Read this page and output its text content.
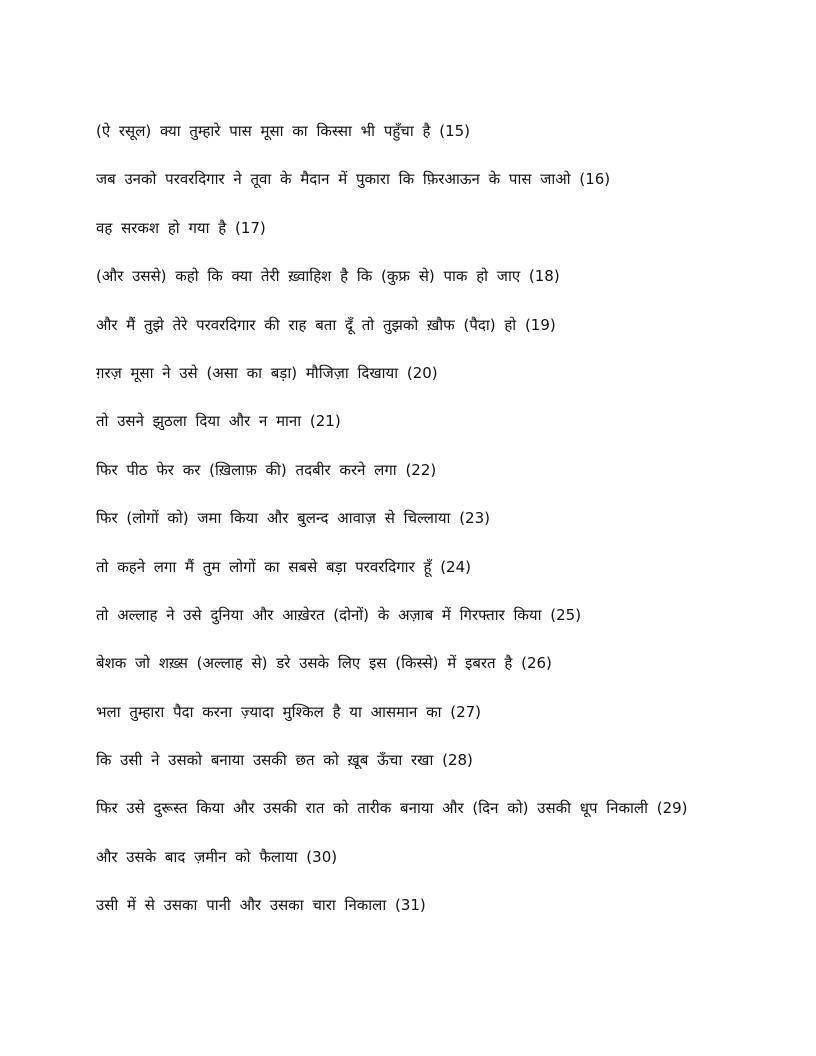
(ऐ रसूल) क्या तुम्हारे पास मूसा का किस्सा भी पहुँचा है (15)
जब उनको परवरदिगार ने तूवा के मैदान में पुकारा कि फ़िरआऊन के पास जाओ (16)
वह सरकश हो गया है (17)
(और उससे) कहो कि क्या तेरी ख़्वाहिश है कि (कुफ्र से) पाक हो जाए (18)
और मैं तुझे तेरे परवरदिगार की राह बता दूँ तो तुझको ख़ौफ (पैदा) हो (19)
ग़रज़ मूसा ने उसे (असा का बड़ा) मौजिज़ा दिखाया (20)
तो उसने झुठला दिया और न माना (21)
फिर पीठ फेर कर (ख़िलाफ़ की) तदबीर करने लगा (22)
फिर (लोगों को) जमा किया और बुलन्द आवाज़ से चिल्लाया (23)
तो कहने लगा मैं तुम लोगों का सबसे बड़ा परवरदिगार हूँ (24)
तो अल्लाह ने उसे दुनिया और आख़ेरत (दोनों) के अज़ाब में गिरफ्तार किया (25)
बेशक जो शख़्स (अल्लाह से) डरे उसके लिए इस (किस्से) में इबरत है (26)
भला तुम्हारा पैदा करना ज़्यादा मुश्किल है या आसमान का (27)
कि उसी ने उसको बनाया उसकी छत को ख़ूब ऊँचा रखा (28)
फिर उसे दुरूस्त किया और उसकी रात को तारीक बनाया और (दिन को) उसकी धूप निकाली (29)
और उसके बाद ज़मीन को फैलाया (30)
उसी में से उसका पानी और उसका चारा निकाला (31)
